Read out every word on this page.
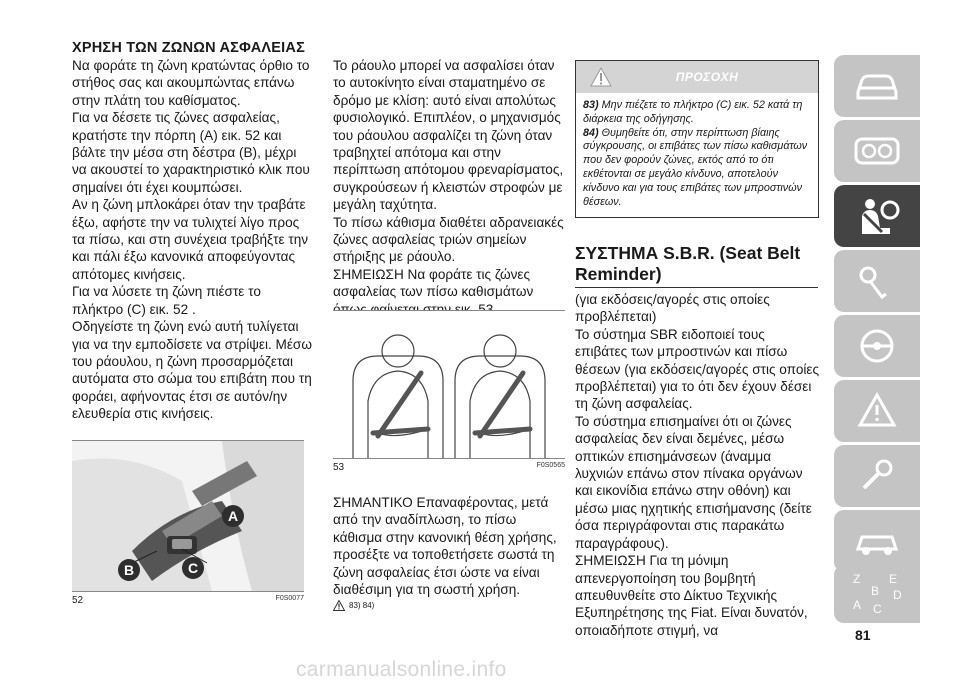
ΧΡΗΣΗ ΤΩΝ ΖΩΝΩΝ ΑΣΦΑΛΕΙΑΣ

Να φοράτε τη ζώνη κρατώντας όρθιο το στήθος σας και ακουμπώντας επάνω στην πλάτη του καθίσματος.

Για να δέσετε τις ζώνες ασφαλείας, κρατήστε την πόρπη (A) εικ. 52 και βάλτε την μέσα στη δέστρα (B), μέχρι να ακουστεί το χαρακτηριστικό κλικ που σημαίνει ότι έχει κουμπώσει.

Αν η ζώνη μπλοκάρει όταν την τραβάτε έξω, αφήστε την να τυλιχτεί λίγο προς τα πίσω, και στη συνέχεια τραβήξτε την και πάλι έξω κανονικά αποφεύγοντας απότομες κινήσεις.

Για να λύσετε τη ζώνη πιέστε το πλήκτρο (C) εικ. 52 .

Οδηγείστε τη ζώνη ενώ αυτή τυλίγεται για να την εμποδίσετε να στρίψει. Μέσω του ράουλου, η ζώνη προσαρμόζεται αυτόματα στο σώμα του επιβάτη που τη φοράει, αφήνοντας έτσι σε αυτόν/ην ελευθερία στις κινήσεις.

A
B	C
52	F0S0077

Το ράουλο μπορεί να ασφαλίσει όταν το αυτοκίνητο είναι σταματημένο σε δρόμο με κλίση: αυτό είναι απολύτως φυσιολογικό. Επιπλέον, ο μηχανισμός του ράουλου ασφαλίζει τη ζώνη όταν τραβηχτεί απότομα και στην περίπτωση απότομου φρεναρίσματος, συγκρούσεων ή κλειστών στροφών με μεγάλη ταχύτητα.

Το πίσω κάθισμα διαθέτει αδρανειακές ζώνες ασφαλείας τριών σημείων στήριξης με ράουλο.

ΣΗΜΕΙΩΣΗ Να φοράτε τις ζώνες ασφαλείας των πίσω καθισμάτων

53	F0S0565

ΣΗΜΑΝΤΙΚΟ Επαναφέροντας, μετά από την αναδίπλωση, το πίσω κάθισμα στην κανονική θέση χρήσης, προσέξτε να τοποθετήσετε σωστά τη ζώνη ασφαλείας έτσι ώστε να είναι διαθέσιμη για τη σωστή χρήση.

83) 84)
ΠΡΟΣΟΧΗ
83) Μην πιέζετε το πλήκτρο (C) εικ. 52 κατά τη διάρκεια της οδήγησης.
84) Θυμηθείτε ότι, στην περίπτωση βίαιης σύγκρουσης, οι επιβάτες των πίσω καθισμάτων που δεν φορούν ζώνες, εκτός από το ότι εκθέτονται σε μεγάλο κίνδυνο, αποτελούν κίνδυνο και για τους επιβάτες των μπροστινών θέσεων.
ΣΥΣΤΗΜΑ S.B.R. (Seat Belt Reminder)

(για εκδόσεις/αγορές στις οποίες προβλέπεται)

Το σύστημα SBR ειδοποιεί τους επιβάτες των μπροστινών και πίσω θέσεων (για εκδόσεις/αγορές στις οποίες προβλέπεται) για το ότι δεν έχουν δέσει τη ζώνη ασφαλείας.

Το σύστημα επισημαίνει ότι οι ζώνες ασφαλείας δεν είναι δεμένες, μέσω οπτικών επισημάνσεων (άναμμα λυχνιών επάνω στον πίνακα οργάνων και εικονίδια επάνω στην οθόνη) και μέσω μιας ηχητικής επισήμανσης (δείτε όσα περιγράφονται στις παρακάτω παραγράφους).

ΣΗΜΕΙΩΣΗ Για τη μόνιμη απενεργοποίηση του βομβητή απευθυνθείτε στο Δίκτυο Τεχνικής Εξυπηρέτησης της Fiat. Είναι δυνατόν, οποιαδήποτε στιγμή, να

Z E
B D
A C
81
carmanualsonline.info
